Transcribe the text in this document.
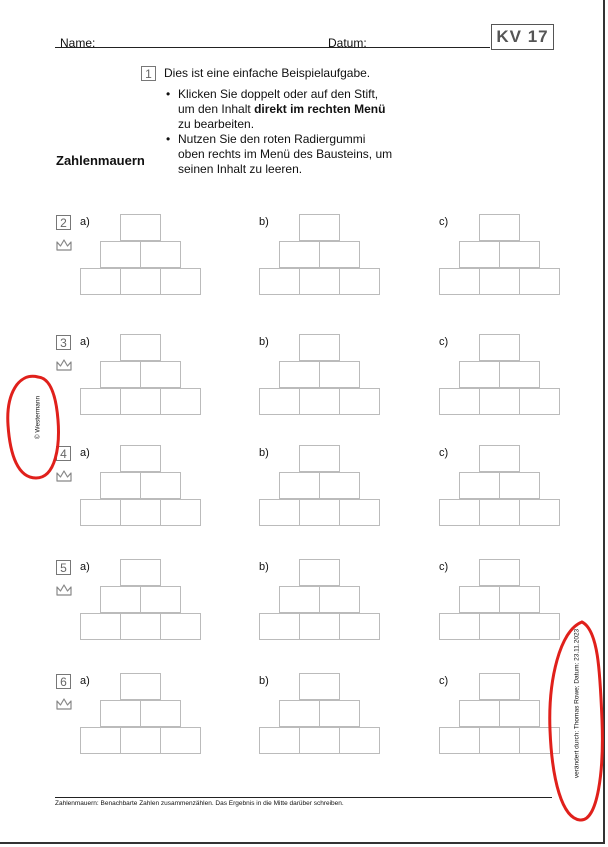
Name:	Datum:	KV 17
1	Dies ist eine einfache Beispielaufgabe.
• Klicken Sie doppelt oder auf den Stift,
um den Inhalt direkt im rechten Menü
zu bearbeiten.
• Nutzen Sie den roten Radiergummi
oben rechts im Menü des Bausteins, um
seinen Inhalt zu leeren.
Zahlenmauern
2	a)	b)	c)
3	a)	b)	c)
4	a)	b)	c)
5	a)	b)	c)
6	a)	b)	c)
© Westermann
verändert durch: Thomas Rowe; Datum: 23.11.2023
Zahlenmauern: Benachbarte Zahlen zusammenzählen. Das Ergebnis in die Mitte darüber schreiben.
